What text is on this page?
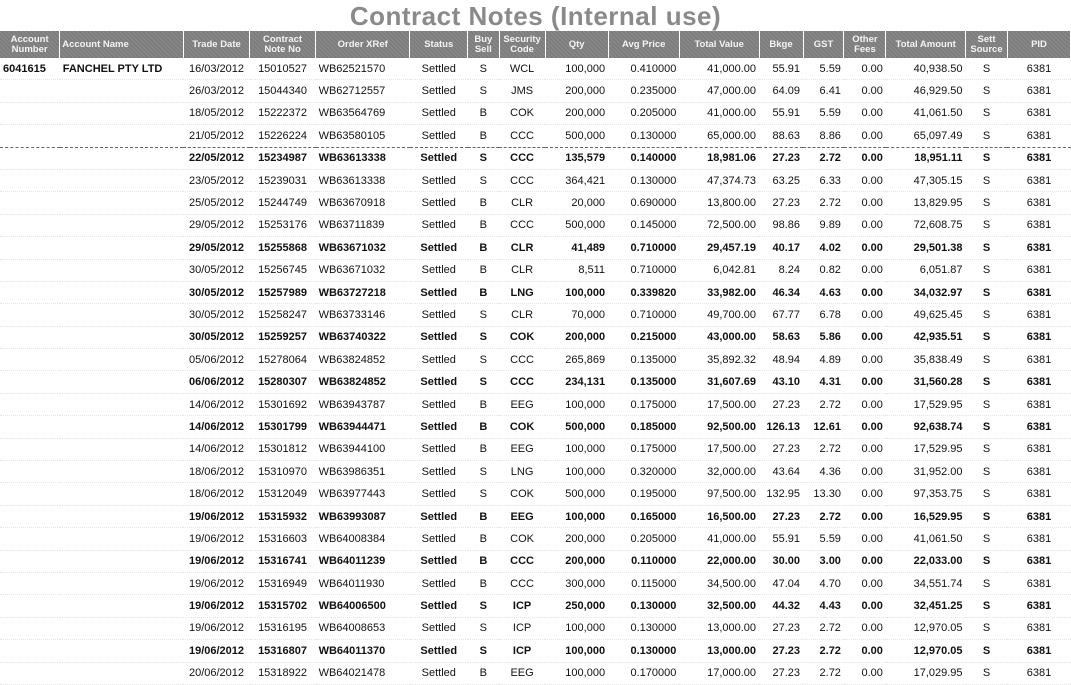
Contract Notes (Internal use)
Account Number	Account Name	Trade Date	Contract Note No	Order XRef	Status	Buy Sell	Security Code	Qty	Avg Price	Total Value	Bkge	GST	Other Fees	Total Amount	Sett Source	PID
6041615	FANCHEL PTY LTD	16/03/2012	15010527	WB62521570	Settled	S	WCL	100,000	0.410000	41,000.00	55.91	5.59	0.00	40,938.50	S	6381
		26/03/2012	15044340	WB62712557	Settled	S	JMS	200,000	0.235000	47,000.00	64.09	6.41	0.00	46,929.50	S	6381
		18/05/2012	15222372	WB63564769	Settled	B	COK	200,000	0.205000	41,000.00	55.91	5.59	0.00	41,061.50	S	6381
		21/05/2012	15226224	WB63580105	Settled	B	CCC	500,000	0.130000	65,000.00	88.63	8.86	0.00	65,097.49	S	6381
		22/05/2012	15234987	WB63613338	Settled	S	CCC	135,579	0.140000	18,981.06	27.23	2.72	0.00	18,951.11	S	6381
		23/05/2012	15239031	WB63613338	Settled	S	CCC	364,421	0.130000	47,374.73	63.25	6.33	0.00	47,305.15	S	6381
		25/05/2012	15244749	WB63670918	Settled	B	CLR	20,000	0.690000	13,800.00	27.23	2.72	0.00	13,829.95	S	6381
		29/05/2012	15253176	WB63711839	Settled	B	CCC	500,000	0.145000	72,500.00	98.86	9.89	0.00	72,608.75	S	6381
		29/05/2012	15255868	WB63671032	Settled	B	CLR	41,489	0.710000	29,457.19	40.17	4.02	0.00	29,501.38	S	6381
		30/05/2012	15256745	WB63671032	Settled	B	CLR	8,511	0.710000	6,042.81	8.24	0.82	0.00	6,051.87	S	6381
		30/05/2012	15257989	WB63727218	Settled	B	LNG	100,000	0.339820	33,982.00	46.34	4.63	0.00	34,032.97	S	6381
		30/05/2012	15258247	WB63733146	Settled	S	CLR	70,000	0.710000	49,700.00	67.77	6.78	0.00	49,625.45	S	6381
		30/05/2012	15259257	WB63740322	Settled	S	COK	200,000	0.215000	43,000.00	58.63	5.86	0.00	42,935.51	S	6381
		05/06/2012	15278064	WB63824852	Settled	S	CCC	265,869	0.135000	35,892.32	48.94	4.89	0.00	35,838.49	S	6381
		06/06/2012	15280307	WB63824852	Settled	S	CCC	234,131	0.135000	31,607.69	43.10	4.31	0.00	31,560.28	S	6381
		14/06/2012	15301692	WB63943787	Settled	B	EEG	100,000	0.175000	17,500.00	27.23	2.72	0.00	17,529.95	S	6381
		14/06/2012	15301799	WB63944471	Settled	B	COK	500,000	0.185000	92,500.00	126.13	12.61	0.00	92,638.74	S	6381
		14/06/2012	15301812	WB63944100	Settled	B	EEG	100,000	0.175000	17,500.00	27.23	2.72	0.00	17,529.95	S	6381
		18/06/2012	15310970	WB63986351	Settled	S	LNG	100,000	0.320000	32,000.00	43.64	4.36	0.00	31,952.00	S	6381
		18/06/2012	15312049	WB63977443	Settled	S	COK	500,000	0.195000	97,500.00	132.95	13.30	0.00	97,353.75	S	6381
		19/06/2012	15315932	WB63993087	Settled	B	EEG	100,000	0.165000	16,500.00	27.23	2.72	0.00	16,529.95	S	6381
		19/06/2012	15316603	WB64008384	Settled	B	COK	200,000	0.205000	41,000.00	55.91	5.59	0.00	41,061.50	S	6381
		19/06/2012	15316741	WB64011239	Settled	B	CCC	200,000	0.110000	22,000.00	30.00	3.00	0.00	22,033.00	S	6381
		19/06/2012	15316949	WB64011930	Settled	B	CCC	300,000	0.115000	34,500.00	47.04	4.70	0.00	34,551.74	S	6381
		19/06/2012	15315702	WB64006500	Settled	S	ICP	250,000	0.130000	32,500.00	44.32	4.43	0.00	32,451.25	S	6381
		19/06/2012	15316195	WB64008653	Settled	S	ICP	100,000	0.130000	13,000.00	27.23	2.72	0.00	12,970.05	S	6381
		19/06/2012	15316807	WB64011370	Settled	S	ICP	100,000	0.130000	13,000.00	27.23	2.72	0.00	12,970.05	S	6381
		20/06/2012	15318922	WB64021478	Settled	B	EEG	100,000	0.170000	17,000.00	27.23	2.72	0.00	17,029.95	S	6381
